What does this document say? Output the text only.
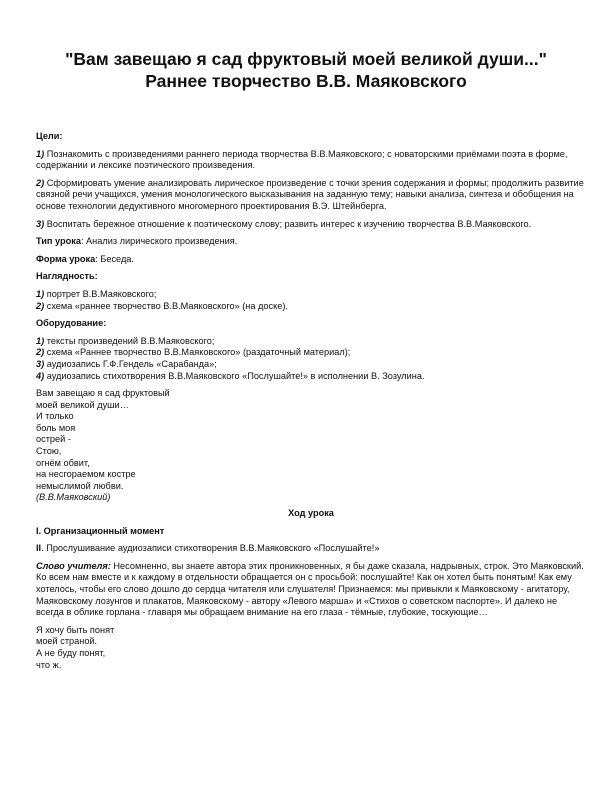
"Вам завещаю я сад фруктовый моей великой души..."
Раннее творчество В.В. Маяковского

Цели:

1) Познакомить с произведениями раннего периода творчества В.В.Маяковского; с новаторскими приёмами поэта в форме, содержании и лексике поэтического произведения.

2) Сформировать умение анализировать лирическое произведение с точки зрения содержания и формы; продолжить развитие связной речи учащихся, умения монологического высказывания на заданную тему; навыки анализа, синтеза и обобщения на основе технологии дедуктивного многомерного проектирования В.Э. Штейнберга.

3) Воспитать бережное отношение к поэтическому слову; развить интерес к изучению творчества В.В.Маяковского.

Тип урока: Анализ лирического произведения.

Форма урока: Беседа.

Наглядность:

1) портрет В.В.Маяковского;
2) схема «раннее творчество В.В.Маяковского» (на доске).

Оборудование:

1) тексты произведений В.В.Маяковского;
2) схема «Раннее творчество В.В.Маяковского» (раздаточный материал);
3) аудиозапись Г.Ф.Гендель «Сарабанда»;
4) аудиозапись стихотворения В.В.Маяковского «Послушайте!» в исполнении В. Зозулина.
Вам завещаю я сад фруктовый
моей великой души…
И только
боль моя
острей -
Стою,
огнём обвит,
на несгораемом костре
немыслимой любви.
(В.В.Маяковский)
Ход урока

I. Организационный момент

II. Прослушивание аудиозаписи стихотворения В.В.Маяковского «Послушайте!»

Слово учителя: Несомненно, вы знаете автора этих проникновенных, я бы даже сказала, надрывных, строк. Это Маяковский. Ко всем нам вместе и к каждому в отдельности обращается он с просьбой: послушайте! Как он хотел быть понятым! Как ему хотелось, чтобы его слово дошло до сердца читателя или слушателя! Признаемся: мы привыкли к Маяковскому - агитатору, Маяковскому лозунгов и плакатов, Маяковскому - автору «Левого марша» и «Стихов о советском паспорте». И далеко не всегда в облике горлана - главаря мы обращаем внимание на его глаза - тёмные, глубокие, тоскующие…

Я хочу быть понят
моей страной.
А не буду понят,
что ж.
